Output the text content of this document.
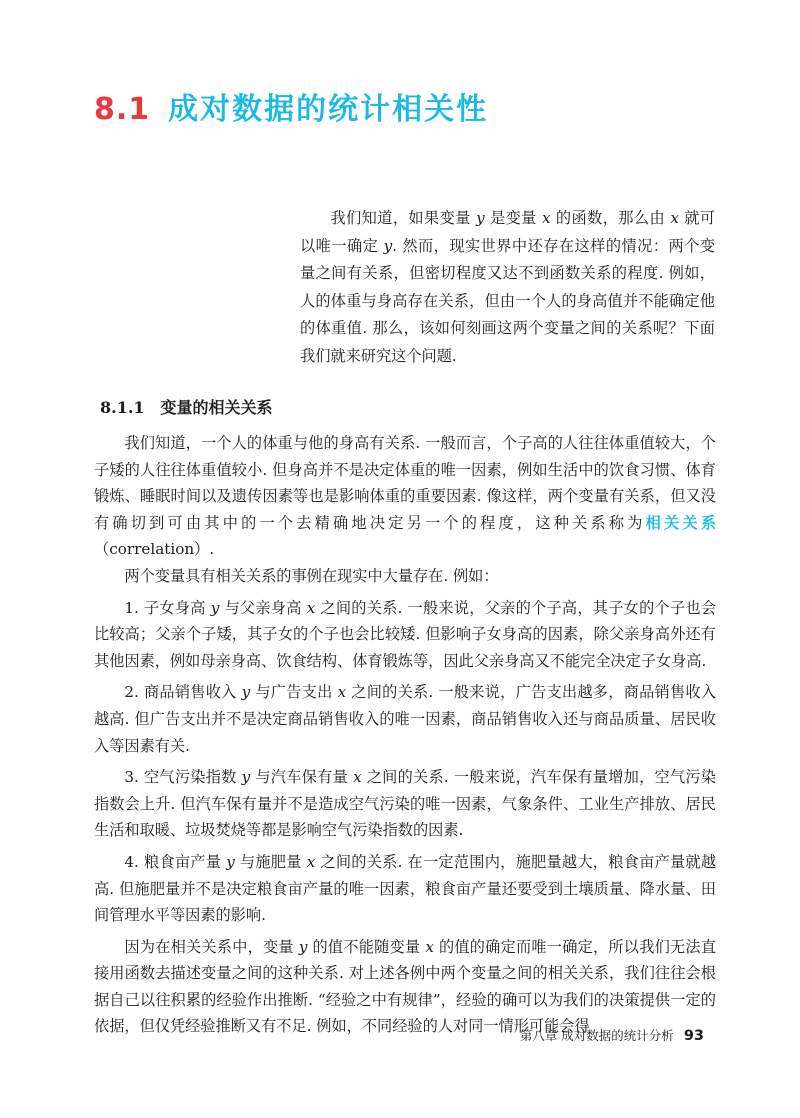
8.1 成对数据的统计相关性

我们知道，如果变量 y 是变量 x 的函数，那么由 x 就可以唯一确定 y. 然而，现实世界中还存在这样的情况：两个变量之间有关系，但密切程度又达不到函数关系的程度. 例如，人的体重与身高存在关系，但由一个人的身高值并不能确定他的体重值. 那么，该如何刻画这两个变量之间的关系呢？下面我们就来研究这个问题.

8.1.1 变量的相关关系

我们知道，一个人的体重与他的身高有关系. 一般而言，个子高的人往往体重值较大，个子矮的人往往体重值较小. 但身高并不是决定体重的唯一因素，例如生活中的饮食习惯、体育锻炼、睡眠时间以及遗传因素等也是影响体重的重要因素. 像这样，两个变量有关系，但又没有确切到可由其中的一个去精确地决定另一个的程度，这种关系称为相关关系（correlation）.

两个变量具有相关关系的事例在现实中大量存在. 例如：

1. 子女身高 y 与父亲身高 x 之间的关系. 一般来说，父亲的个子高，其子女的个子也会比较高；父亲个子矮，其子女的个子也会比较矮. 但影响子女身高的因素，除父亲身高外还有其他因素，例如母亲身高、饮食结构、体育锻炼等，因此父亲身高又不能完全决定子女身高.

2. 商品销售收入 y 与广告支出 x 之间的关系. 一般来说，广告支出越多，商品销售收入越高. 但广告支出并不是决定商品销售收入的唯一因素，商品销售收入还与商品质量、居民收入等因素有关.

3. 空气污染指数 y 与汽车保有量 x 之间的关系. 一般来说，汽车保有量增加，空气污染指数会上升. 但汽车保有量并不是造成空气污染的唯一因素，气象条件、工业生产排放、居民生活和取暖、垃圾焚烧等都是影响空气污染指数的因素.

4. 粮食亩产量 y 与施肥量 x 之间的关系. 在一定范围内，施肥量越大，粮食亩产量就越高. 但施肥量并不是决定粮食亩产量的唯一因素，粮食亩产量还要受到土壤质量、降水量、田间管理水平等因素的影响.

因为在相关关系中，变量 y 的值不能随变量 x 的值的确定而唯一确定，所以我们无法直接用函数去描述变量之间的这种关系. 对上述各例中两个变量之间的相关关系，我们往往会根据自己以往积累的经验作出推断. “经验之中有规律”，经验的确可以为我们的决策提供一定的依据，但仅凭经验推断又有不足. 例如，不同经验的人对同一情形可能会得

第八章 成对数据的统计分析 93
